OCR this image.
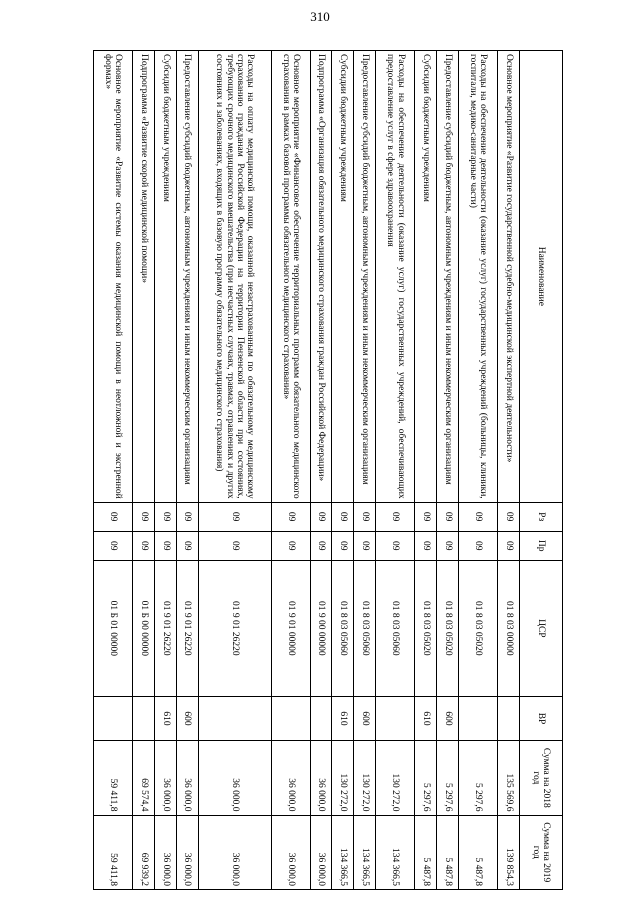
310
Наименование	Рз	Пр	ЦСР	ВР	Сумма на 2018 год	Сумма на 2019 год
Основное мероприятие «Развитие государственной судебно-медицинской экспертной деятельности»	09	09	01 8 03 00000		135 569,6	139 854,3
Расходы на обеспечение деятельности (оказание услуг) государственных учреждений (больницы, клиники, госпитали, медико-санитарные части)	09	09	01 8 03 05020		5 297,6	5 487,8
Предоставление субсидий бюджетным, автономным учреждениям и иным некоммерческим организациям	09	09	01 8 03 05020	600	5 297,6	5 487,8
Субсидии бюджетным учреждениям	09	09	01 8 03 05020	610	5 297,6	5 487,8
Расходы на обеспечение деятельности (оказание услуг) государственных учреждений, обеспечивающих предоставление услуг в сфере здравоохранения	09	09	01 8 03 05060		130 272,0	134 366,5
Предоставление субсидий бюджетным, автономным учреждениям и иным некоммерческим организациям	09	09	01 8 03 05060	600	130 272,0	134 366,5
Субсидии бюджетным учреждениям	09	09	01 8 03 05060	610	130 272,0	134 366,5
Подпрограмма «Организация обязательного медицинского страхования граждан Российской Федерации»	09	09	01 9 00 00000		36 000,0	36 000,0
Основное мероприятие «Финансовое обеспечение территориальных программ обязательного медицинского страхования в рамках базовой программы обязательного медицинского страхования»	09	09	01 9 01 00000		36 000,0	36 000,0
Расходы на оплату медицинской помощи, оказанной незастрахованным по обязательному медицинскому страхованию гражданам Российской Федерации на территории Пензенской области при состояниях, требующих срочного медицинского вмешательства (при несчастных случаях, травмах, отравлениях и других состояниях и заболеваниях, входящих в базовую программу обязательного медицинского страхования)	09	09	01 9 01 26220		36 000,0	36 000,0
Предоставление субсидий бюджетным, автономным учреждениям и иным некоммерческим организациям	09	09	01 9 01 26220	600	36 000,0	36 000,0
Субсидии бюджетным учреждениям	09	09	01 9 01 26220	610	36 000,0	36 000,0
Подпрограмма «Развитие скорой медицинской помощи»	09	09	01 Б 00 00000		69 574,4	69 939,2
Основное мероприятие «Развитие системы оказания медицинской помощи в неотложной и экстренной формах»	09	09	01 Б 01 00000		59 411,8	59 411,8
